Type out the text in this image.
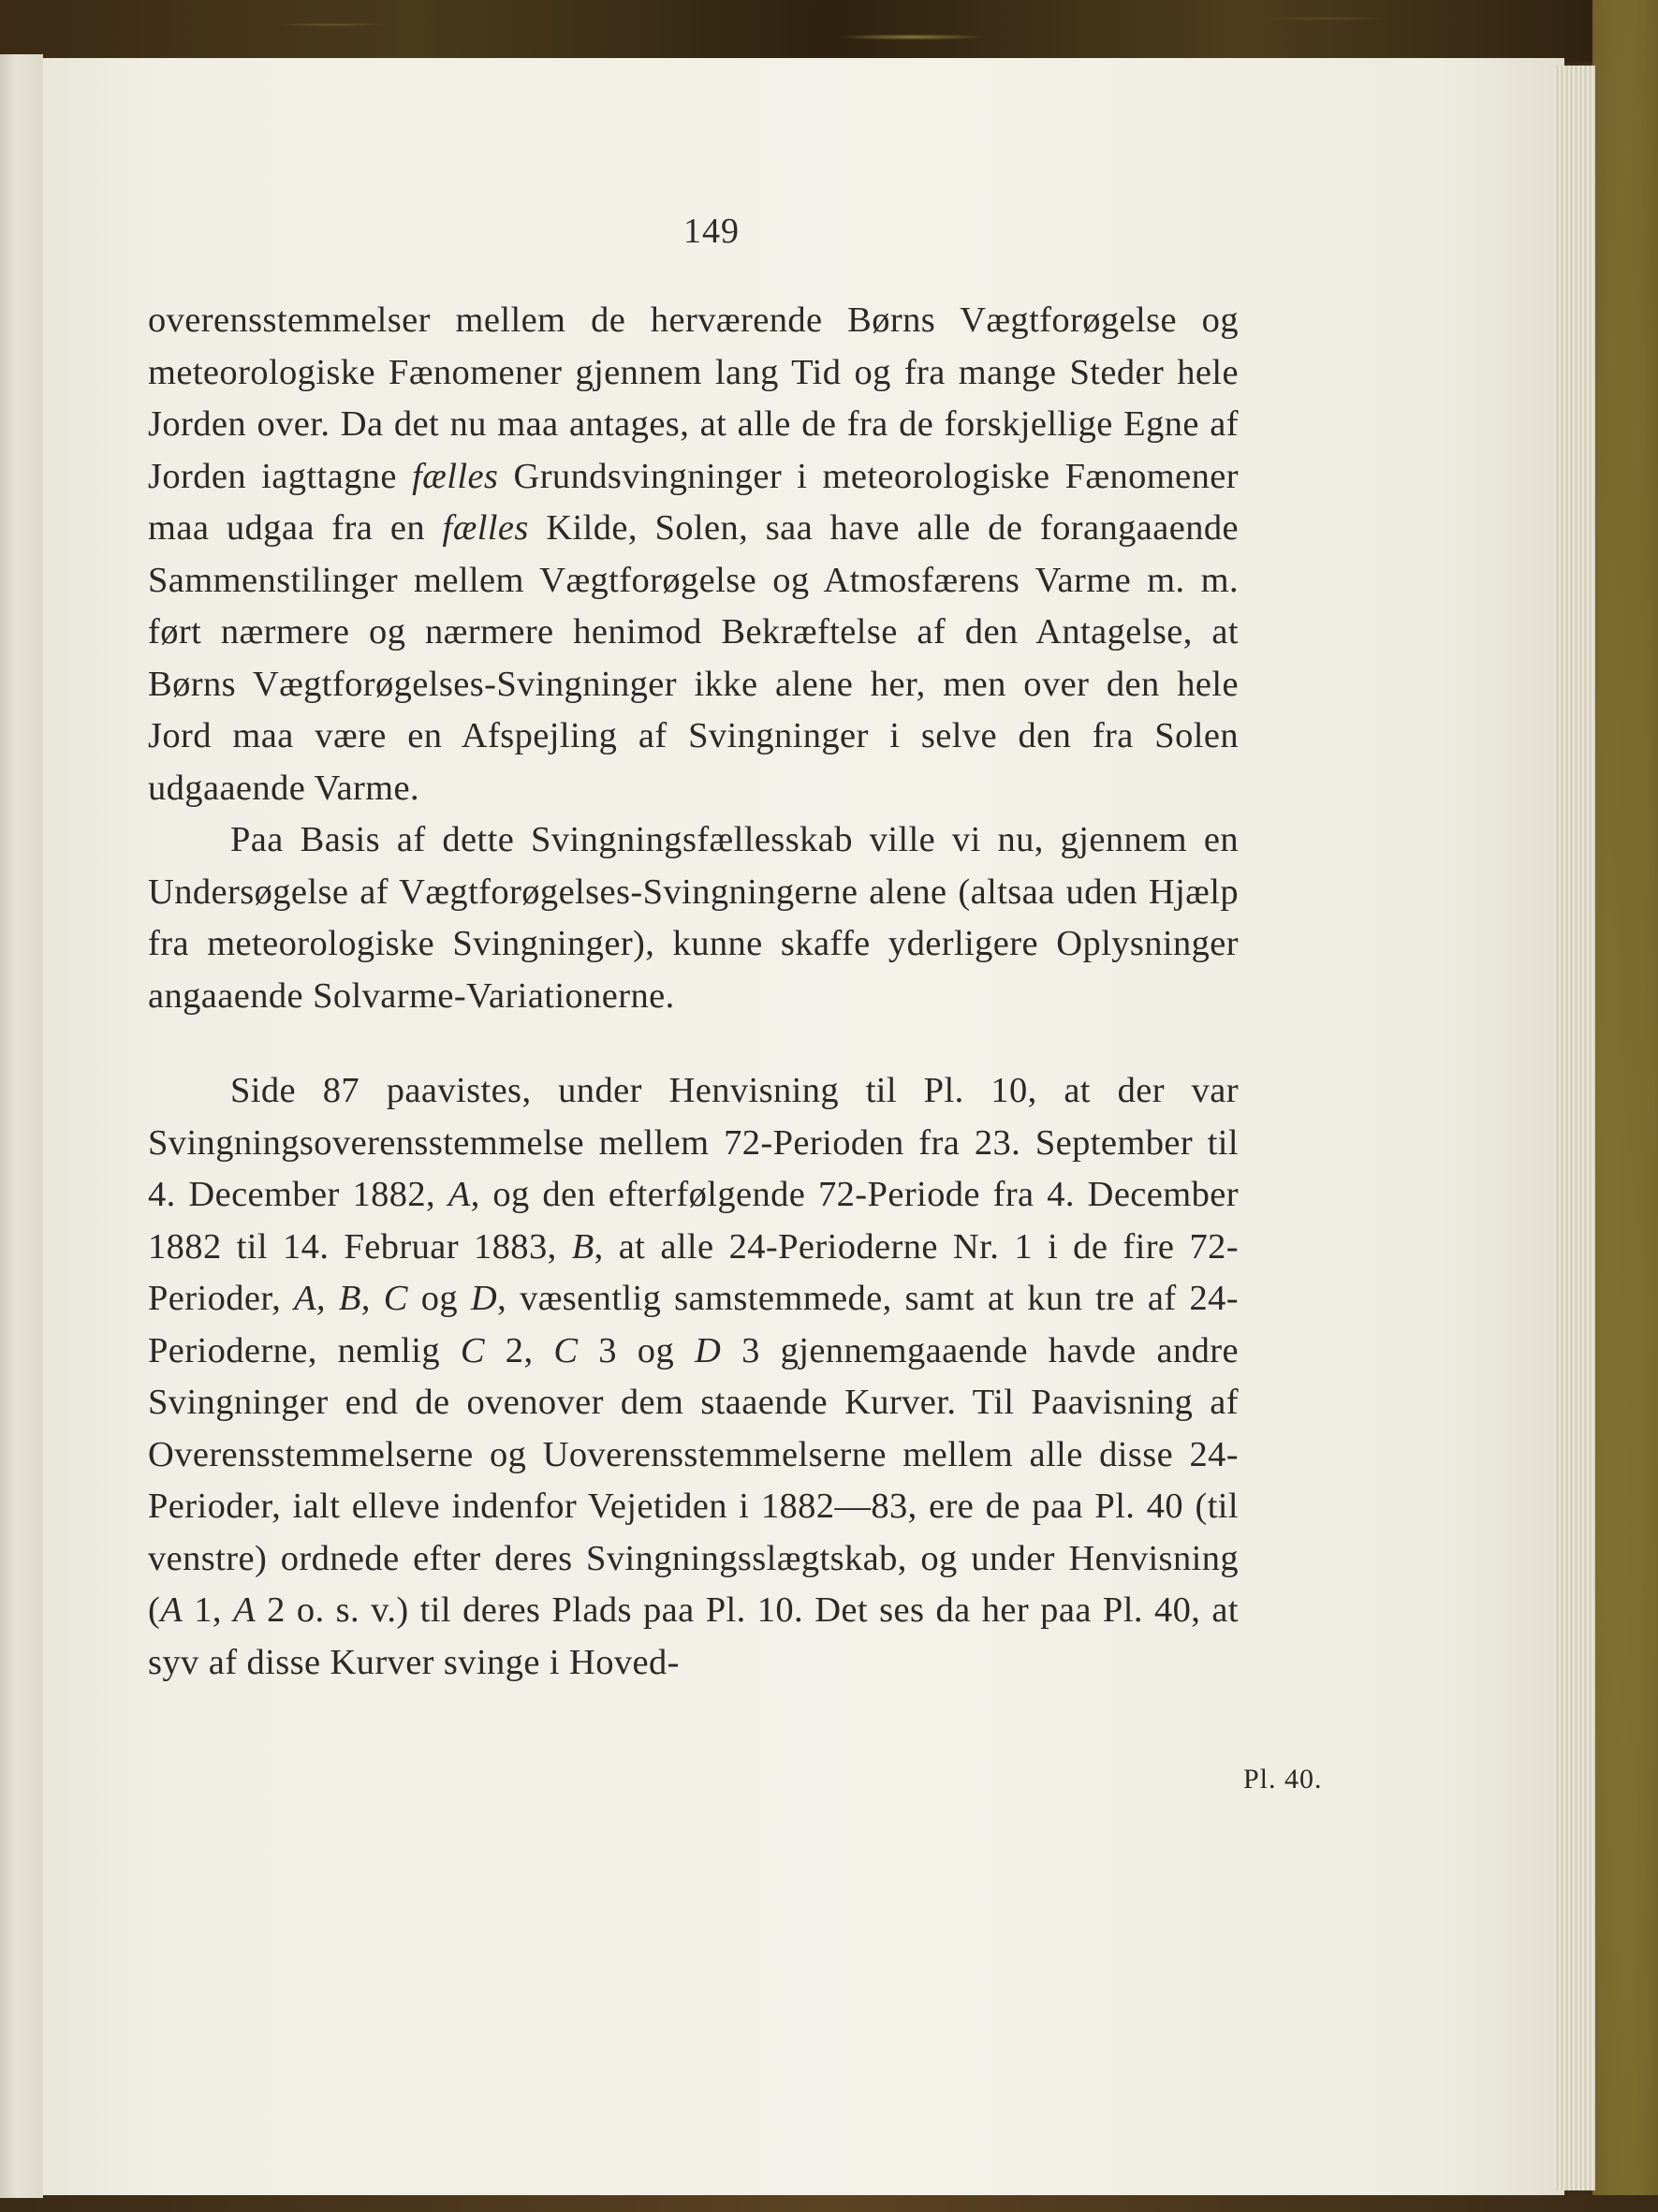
149

overensstemmelser mellem de herværende Børns Vægtforøgelse og meteorologiske Fænomener gjennem lang Tid og fra mange Steder hele Jorden over. Da det nu maa antages, at alle de fra de forskjellige Egne af Jorden iagttagne fælles Grundsvingninger i meteorologiske Fænomener maa udgaa fra en fælles Kilde, Solen, saa have alle de forangaaende Sammenstilinger mellem Vægtforøgelse og Atmosfærens Varme m. m. ført nærmere og nærmere henimod Bekræftelse af den Antagelse, at Børns Vægtforøgelses-Svingninger ikke alene her, men over den hele Jord maa være en Afspejling af Svingninger i selve den fra Solen udgaaende Varme.

Paa Basis af dette Svingningsfællesskab ville vi nu, gjennem en Undersøgelse af Vægtforøgelses-Svingningerne alene (altsaa uden Hjælp fra meteorologiske Svingninger), kunne skaffe yderligere Oplysninger angaaende Solvarme-Variationerne.

Side 87 paavistes, under Henvisning til Pl. 10, at der var Svingningsoverensstemmelse mellem 72-Perioden fra 23. September til 4. December 1882, A, og den efterfølgende 72-Periode fra 4. December 1882 til 14. Februar 1883, B, at alle 24-Perioderne Nr. 1 i de fire 72-Perioder, A, B, C og D, væsentlig samstemmede, samt at kun tre af 24-Perioderne, nemlig C 2, C 3 og D 3 gjennemgaaende havde andre Svingninger end de ovenover dem staaende Kurver. Til Paavisning af Overensstemmelserne og Uoverensstemmelserne mellem alle disse 24-Perioder, ialt elleve indenfor Vejetiden i 1882—83, ere de paa Pl. 40 (til venstre) ordnede efter deres Svingningsslægtskab, og under Henvisning (A 1, A 2 o. s. v.) til deres Plads paa Pl. 10. Det ses da her paa Pl. 40, at syv af disse Kurver svinge i Hoved-

Pl. 40.
